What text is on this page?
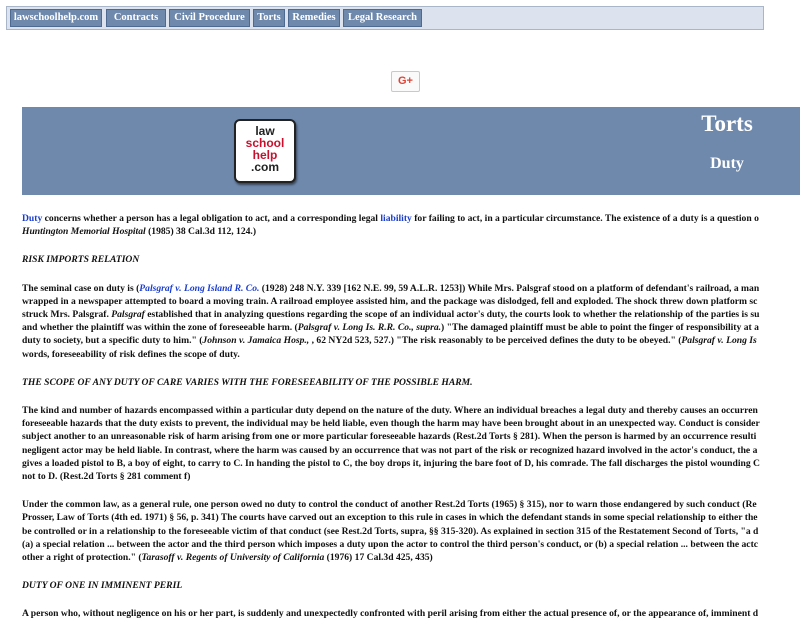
lawschoolhelp.com	Contracts	Civil Procedure	Torts	Remedies	Legal Research
G+
law
school
help
.com
Torts
Duty

Duty concerns whether a person has a legal obligation to act, and a corresponding legal liability for failing to act, in a particular circumstance. The existence of a duty is a question o
Huntington Memorial Hospital (1985) 38 Cal.3d 112, 124.)

RISK IMPORTS RELATION

The seminal case on duty is (Palsgraf v. Long Island R. Co. (1928) 248 N.Y. 339 [162 N.E. 99, 59 A.L.R. 1253]) While Mrs. Palsgraf stood on a platform of defendant's railroad, a man
wrapped in a newspaper attempted to board a moving train. A railroad employee assisted him, and the package was dislodged, fell and exploded. The shock threw down platform sc
struck Mrs. Palsgraf. Palsgraf established that in analyzing questions regarding the scope of an individual actor's duty, the courts look to whether the relationship of the parties is su
and whether the plaintiff was within the zone of foreseeable harm. (Palsgraf v. Long Is. R.R. Co., supra.) "The damaged plaintiff must be able to point the finger of responsibility at a
duty to society, but a specific duty to him." (Johnson v. Jamaica Hosp., , 62 NY2d 523, 527.) "The risk reasonably to be perceived defines the duty to be obeyed." (Palsgraf v. Long Is
words, foreseeability of risk defines the scope of duty.

THE SCOPE OF ANY DUTY OF CARE VARIES WITH THE FORESEEABILITY OF THE POSSIBLE HARM.

The kind and number of hazards encompassed within a particular duty depend on the nature of the duty. Where an individual breaches a legal duty and thereby causes an occurren
foreseeable hazards that the duty exists to prevent, the individual may be held liable, even though the harm may have been brought about in an unexpected way. Conduct is consider
subject another to an unreasonable risk of harm arising from one or more particular foreseeable hazards (Rest.2d Torts § 281). When the person is harmed by an occurrence resulti
negligent actor may be held liable. In contrast, where the harm was caused by an occurrence that was not part of the risk or recognized hazard involved in the actor's conduct, the a
gives a loaded pistol to B, a boy of eight, to carry to C. In handing the pistol to C, the boy drops it, injuring the bare foot of D, his comrade. The fall discharges the pistol wounding C
not to D. (Rest.2d Torts § 281 comment f)

Under the common law, as a general rule, one person owed no duty to control the conduct of another Rest.2d Torts (1965) § 315), nor to warn those endangered by such conduct (Re
Prosser, Law of Torts (4th ed. 1971) § 56, p. 341) The courts have carved out an exception to this rule in cases in which the defendant stands in some special relationship to either the
be controlled or in a relationship to the foreseeable victim of that conduct (see Rest.2d Torts, supra, §§ 315-320). As explained in section 315 of the Restatement Second of Torts, "a d
(a) a special relation ... between the actor and the third person which imposes a duty upon the actor to control the third person's conduct, or (b) a special relation ... between the actc
other a right of protection." (Tarasoff v. Regents of University of California (1976) 17 Cal.3d 425, 435)

DUTY OF ONE IN IMMINENT PERIL

A person who, without negligence on his or her part, is suddenly and unexpectedly confronted with peril arising from either the actual presence of, or the appearance of, imminent d
